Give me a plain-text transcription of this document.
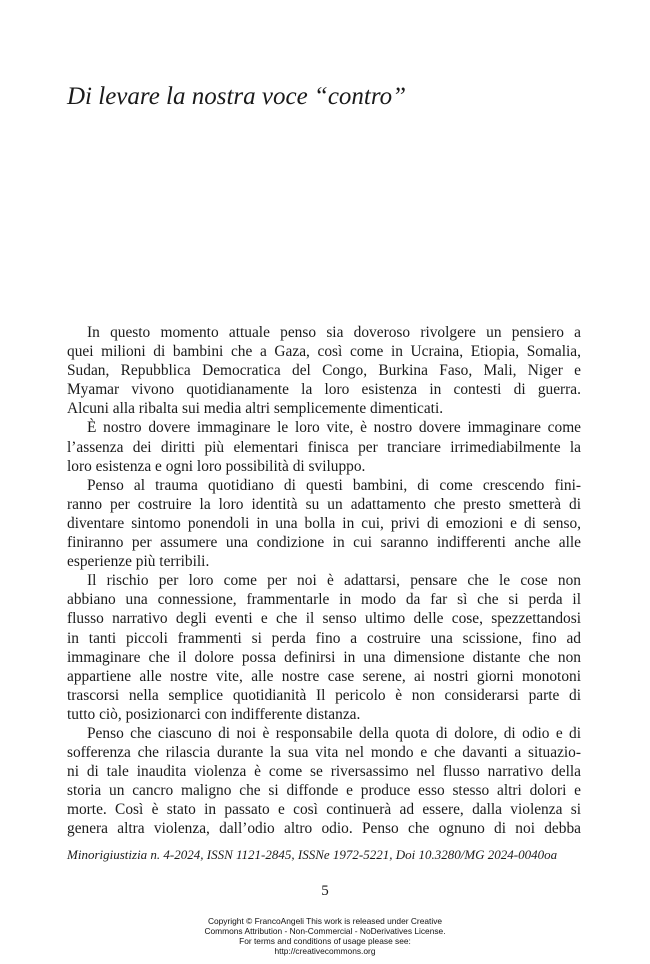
Di levare la nostra voce “contro”

In questo momento attuale penso sia doveroso rivolgere un pensiero a
quei milioni di bambini che a Gaza, così come in Ucraina, Etiopia, Somalia,
Sudan, Repubblica Democratica del Congo, Burkina Faso, Mali, Niger e
Myamar vivono quotidianamente la loro esistenza in contesti di guerra.
Alcuni alla ribalta sui media altri semplicemente dimenticati.

È nostro dovere immaginare le loro vite, è nostro dovere immaginare come
l’assenza dei diritti più elementari finisca per tranciare irrimediabilmente la
loro esistenza e ogni loro possibilità di sviluppo.

Penso al trauma quotidiano di questi bambini, di come crescendo fini-
ranno per costruire la loro identità su un adattamento che presto smetterà di
diventare sintomo ponendoli in una bolla in cui, privi di emozioni e di senso,
finiranno per assumere una condizione in cui saranno indifferenti anche alle
esperienze più terribili.

Il rischio per loro come per noi è adattarsi, pensare che le cose non
abbiano una connessione, frammentarle in modo da far sì che si perda il
flusso narrativo degli eventi e che il senso ultimo delle cose, spezzettandosi
in tanti piccoli frammenti si perda fino a costruire una scissione, fino ad
immaginare che il dolore possa definirsi in una dimensione distante che non
appartiene alle nostre vite, alle nostre case serene, ai nostri giorni monotoni
trascorsi nella semplice quotidianità Il pericolo è non considerarsi parte di
tutto ciò, posizionarci con indifferente distanza.

Penso che ciascuno di noi è responsabile della quota di dolore, di odio e di
sofferenza che rilascia durante la sua vita nel mondo e che davanti a situazio-
ni di tale inaudita violenza è come se riversassimo nel flusso narrativo della
storia un cancro maligno che si diffonde e produce esso stesso altri dolori e
morte. Così è stato in passato e così continuerà ad essere, dalla violenza si
genera altra violenza, dall’odio altro odio. Penso che ognuno di noi debba

Minorigiustizia n. 4-2024, ISSN 1121-2845, ISSNe 1972-5221, Doi 10.3280/MG 2024-0040oa
5
Copyright © FrancoAngeli This work is released under Creative
Commons Attribution - Non-Commercial - NoDerivatives License.
For terms and conditions of usage please see:
http://creativecommons.org
